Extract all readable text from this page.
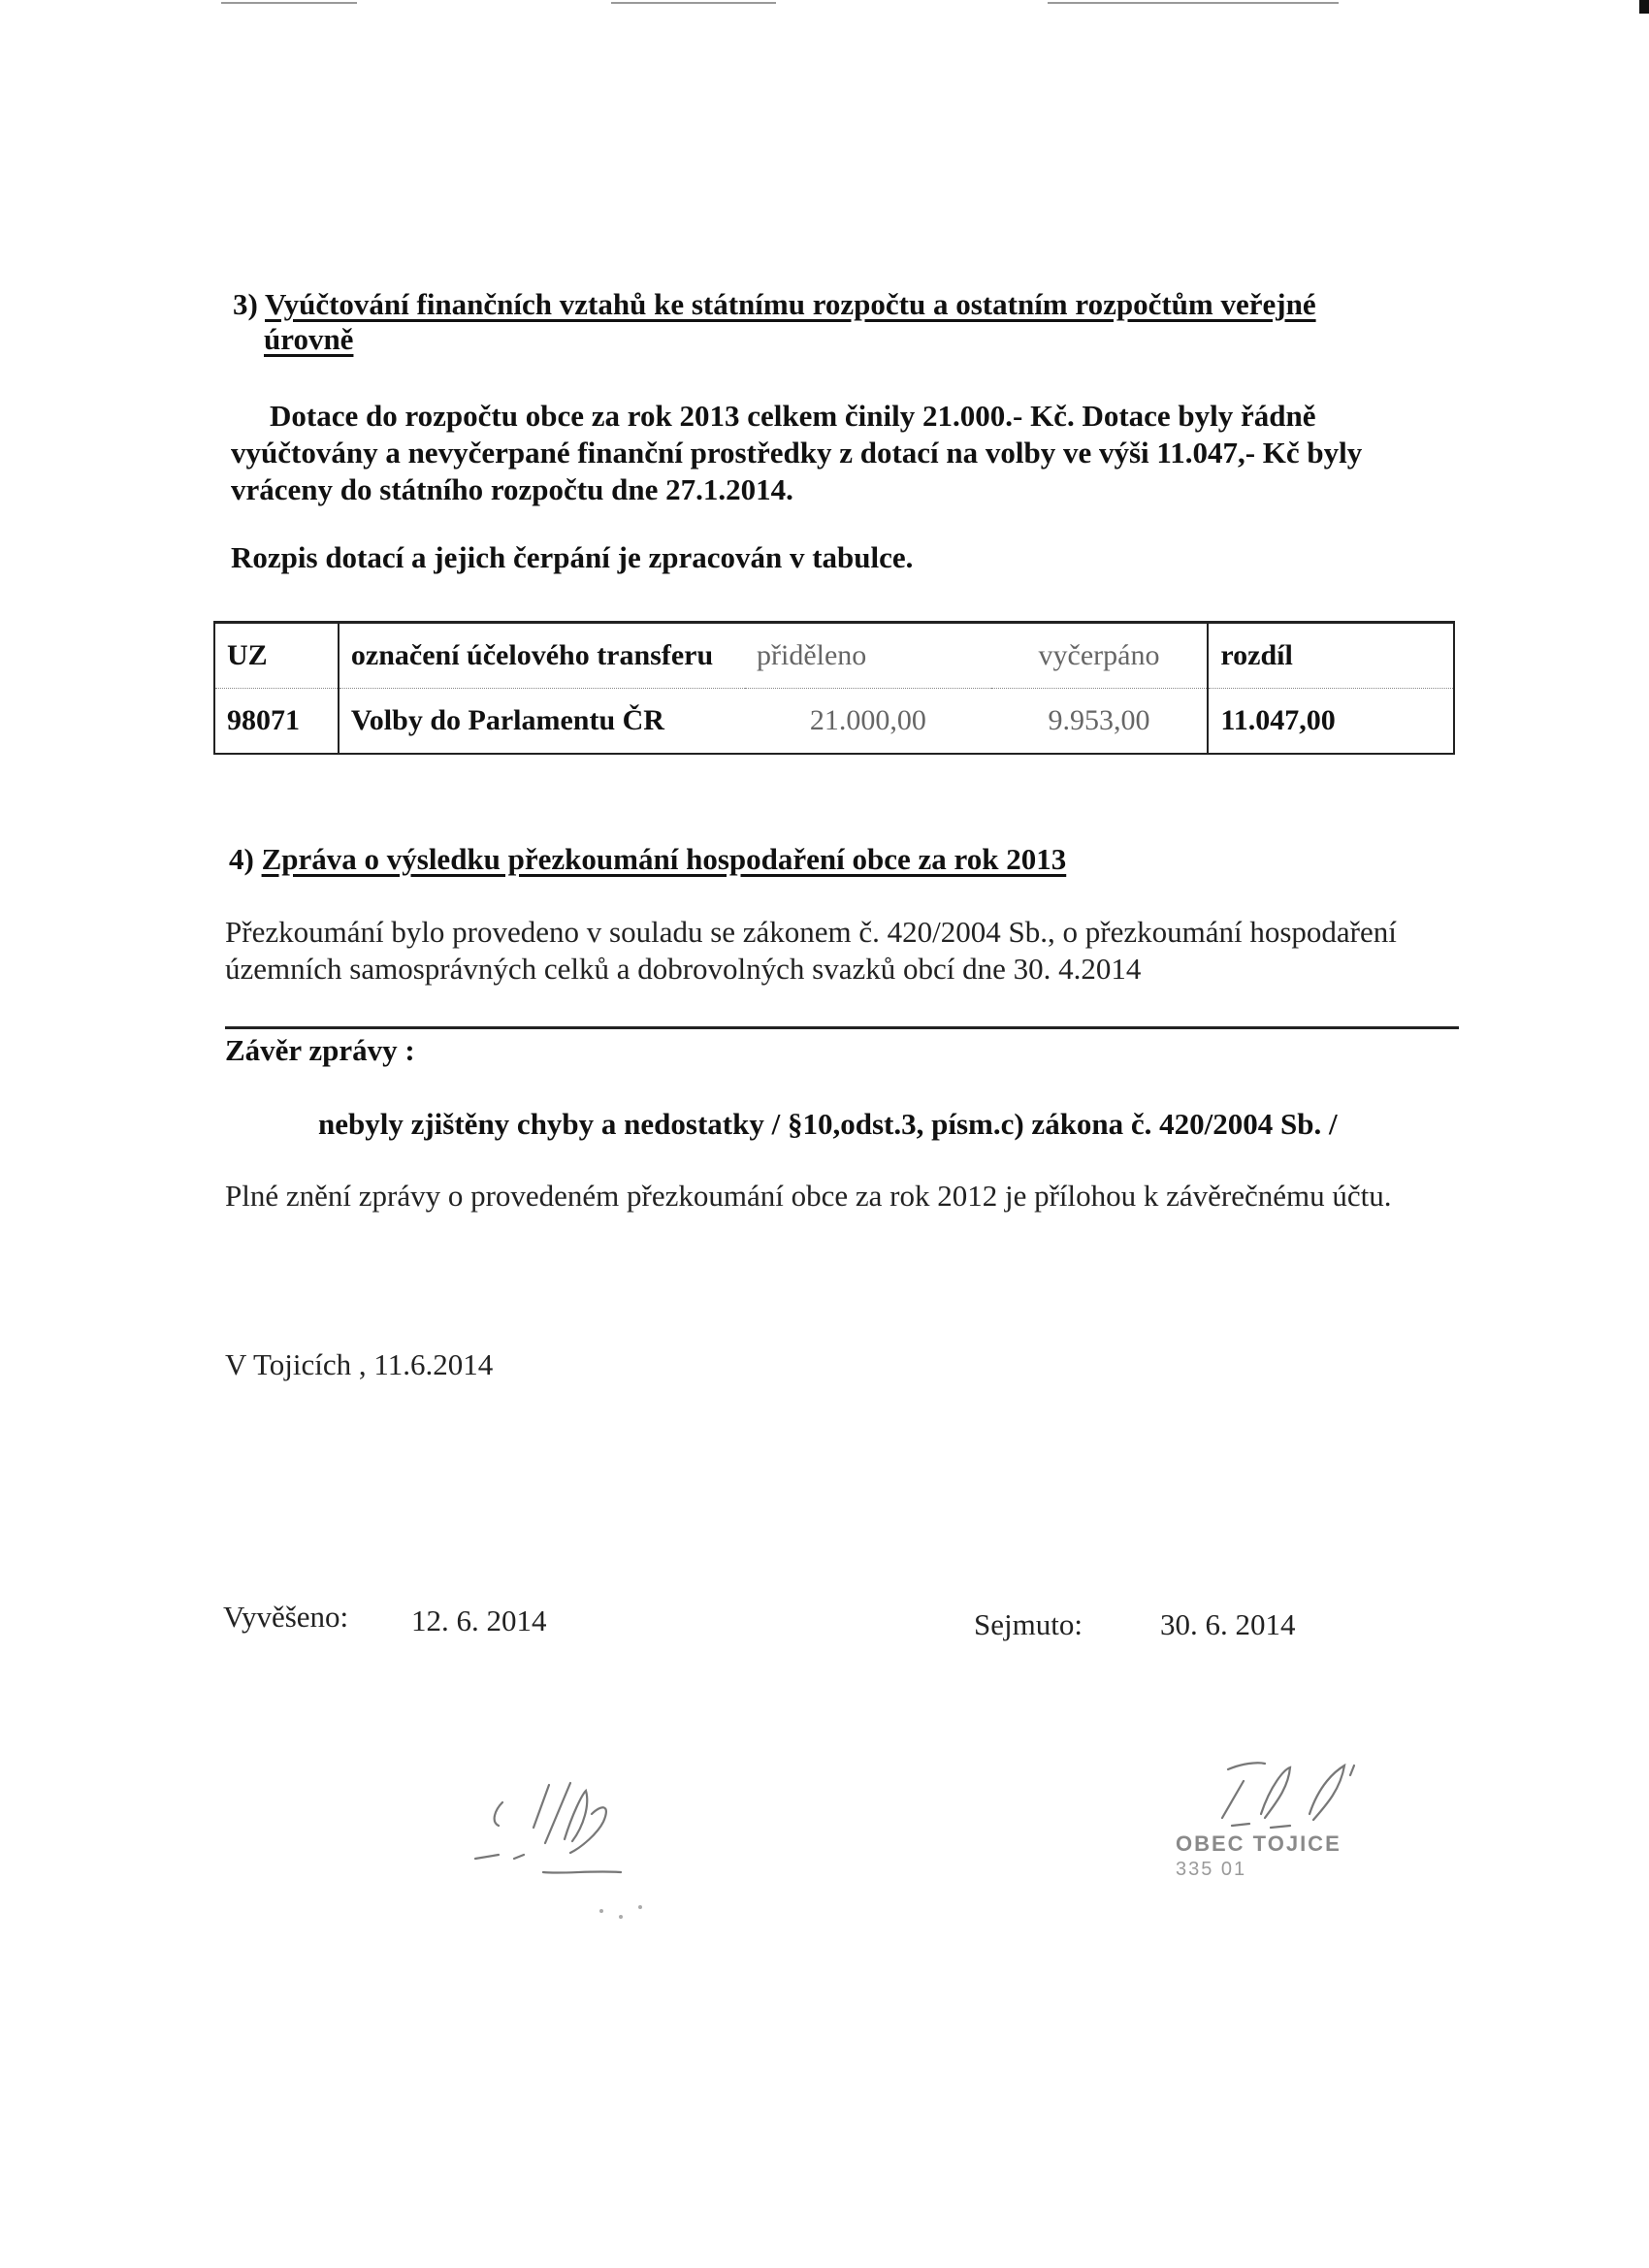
3) Vyúčtování finančních vztahů ke státnímu rozpočtu a ostatním rozpočtům veřejné
úrovně
Dotace do rozpočtu obce za rok 2013 celkem činily 21.000.- Kč. Dotace byly řádně
vyúčtovány a nevyčerpané finanční prostředky z dotací na volby ve výši 11.047,- Kč byly
vráceny do státního rozpočtu dne 27.1.2014.
Rozpis dotací a jejich čerpání je zpracován v tabulce.
UZ	označení účelového transferu	přiděleno	vyčerpáno	rozdíl
98071	Volby do Parlamentu ČR	21.000,00	9.953,00	11.047,00
4) Zpráva o výsledku přezkoumání hospodaření obce za rok 2013
Přezkoumání bylo provedeno v souladu se zákonem č. 420/2004 Sb., o přezkoumání hospodaření
územních samosprávných celků a dobrovolných svazků obcí dne 30. 4.2014
Závěr zprávy :
nebyly zjištěny chyby a nedostatky / §10,odst.3, písm.c) zákona č. 420/2004 Sb. /
Plné znění zprávy o provedeném přezkoumání obce za rok 2012 je přílohou k závěrečnému účtu.
V Tojicích , 11.6.2014
Vyvěšeno: 12. 6. 2014	Sejmuto:	30. 6. 2014
OBEC TOJICE
335 01
